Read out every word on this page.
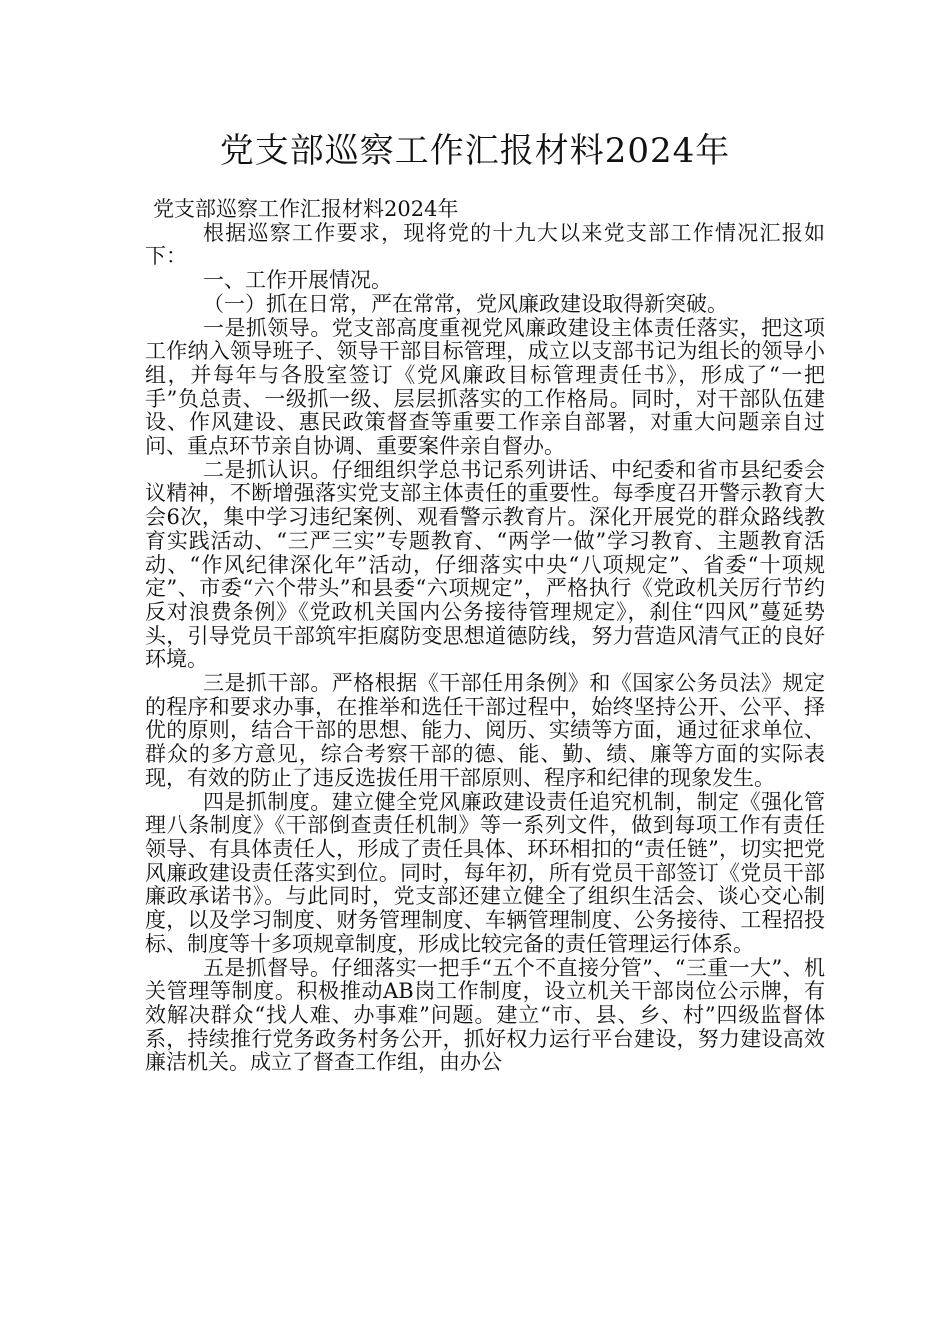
党支部巡察工作汇报材料2024年

党支部巡察工作汇报材料2024年

根据巡察工作要求，现将党的十九大以来党支部工作情况汇报如下：

一、工作开展情况。

（一）抓在日常，严在常常，党风廉政建设取得新突破。

一是抓领导。党支部高度重视党风廉政建设主体责任落实，把这项工作纳入领导班子、领导干部目标管理，成立以支部书记为组长的领导小组，并每年与各股室签订《党风廉政目标管理责任书》，形成了“一把手”负总责、一级抓一级、层层抓落实的工作格局。同时，对干部队伍建设、作风建设、惠民政策督查等重要工作亲自部署，对重大问题亲自过问、重点环节亲自协调、重要案件亲自督办。

二是抓认识。仔细组织学总书记系列讲话、中纪委和省市县纪委会议精神，不断增强落实党支部主体责任的重要性。每季度召开警示教育大会6次，集中学习违纪案例、观看警示教育片。深化开展党的群众路线教育实践活动、“三严三实”专题教育、“两学一做”学习教育、主题教育活动、“作风纪律深化年”活动，仔细落实中央“八项规定”、省委“十项规定”、市委“六个带头”和县委“六项规定”，严格执行《党政机关厉行节约反对浪费条例》《党政机关国内公务接待管理规定》，刹住“四风”蔓延势头，引导党员干部筑牢拒腐防变思想道德防线，努力营造风清气正的良好环境。

三是抓干部。严格根据《干部任用条例》和《国家公务员法》规定的程序和要求办事，在推举和选任干部过程中，始终坚持公开、公平、择优的原则，结合干部的思想、能力、阅历、实绩等方面，通过征求单位、群众的多方意见，综合考察干部的德、能、勤、绩、廉等方面的实际表现，有效的防止了违反选拔任用干部原则、程序和纪律的现象发生。

四是抓制度。建立健全党风廉政建设责任追究机制，制定《强化管理八条制度》《干部倒查责任机制》等一系列文件，做到每项工作有责任领导、有具体责任人，形成了责任具体、环环相扣的“责任链”，切实把党风廉政建设责任落实到位。同时，每年初，所有党员干部签订《党员干部廉政承诺书》。与此同时，党支部还建立健全了组织生活会、谈心交心制度，以及学习制度、财务管理制度、车辆管理制度、公务接待、工程招投标、制度等十多项规章制度，形成比较完备的责任管理运行体系。

五是抓督导。仔细落实一把手“五个不直接分管”、“三重一大”、机关管理等制度。积极推动AB岗工作制度，设立机关干部岗位公示牌，有效解决群众“找人难、办事难”问题。建立“市、县、乡、村”四级监督体系，持续推行党务政务村务公开，抓好权力运行平台建设，努力建设高效廉洁机关。成立了督查工作组，由办公
